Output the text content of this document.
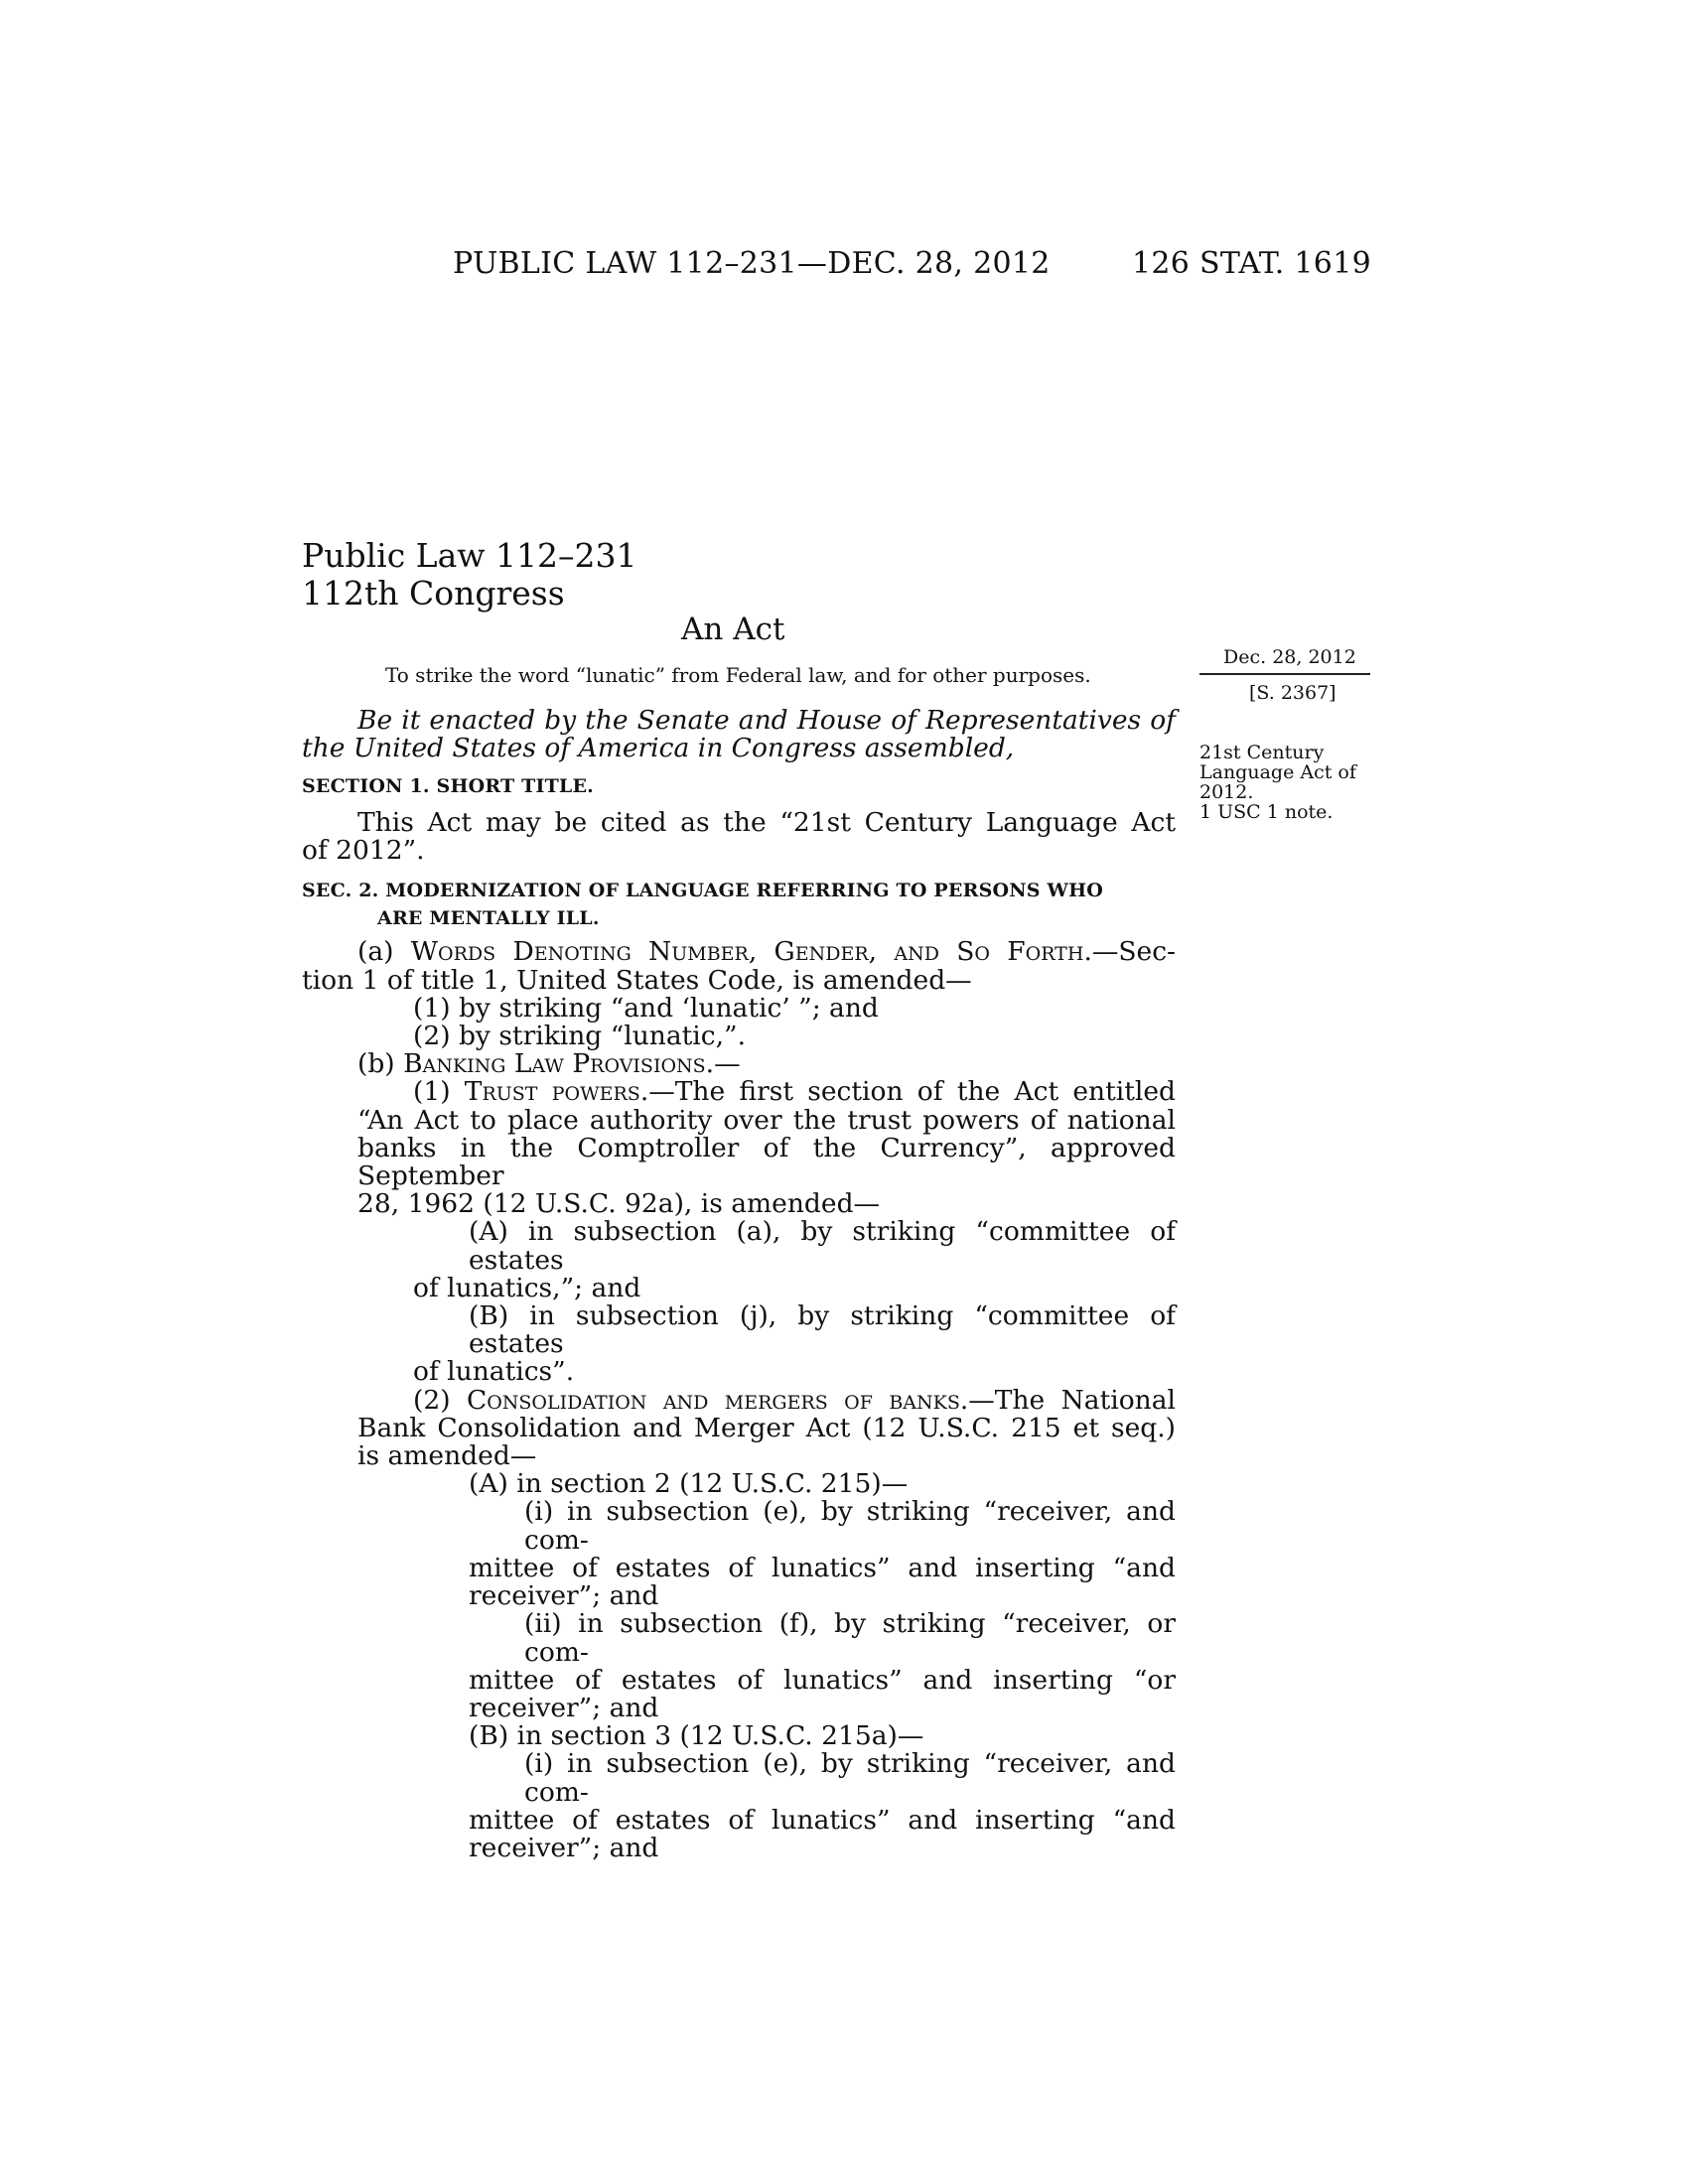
PUBLIC LAW 112–231—DEC. 28, 2012	126 STAT. 1619
Public Law 112–231
112th Congress
An Act
To strike the word “lunatic” from Federal law, and for other purposes.
Dec. 28, 2012
[S. 2367]
21st Century
Language Act of
2012.
1 USC 1 note.

Be it enacted by the Senate and House of Representatives of

the United States of America in Congress assembled,

SECTION 1. SHORT TITLE.

This Act may be cited as the “21st Century Language Act

of 2012”.

SEC. 2. MODERNIZATION OF LANGUAGE REFERRING TO PERSONS WHO

ARE MENTALLY ILL.

(a) Words Denoting Number, Gender, and So Forth.—Sec-

tion 1 of title 1, United States Code, is amended—

(1) by striking “and ‘lunatic’ ”; and

(2) by striking “lunatic,”.

(b) Banking Law Provisions.—

(1) Trust powers.—The first section of the Act entitled

“An Act to place authority over the trust powers of national

banks in the Comptroller of the Currency”, approved September

28, 1962 (12 U.S.C. 92a), is amended—

(A) in subsection (a), by striking “committee of estates

of lunatics,”; and

(B) in subsection (j), by striking “committee of estates

of lunatics”.

(2) Consolidation and mergers of banks.—The National

Bank Consolidation and Merger Act (12 U.S.C. 215 et seq.)

is amended—

(A) in section 2 (12 U.S.C. 215)—

(i) in subsection (e), by striking “receiver, and com-

mittee of estates of lunatics” and inserting “and

receiver”; and

(ii) in subsection (f), by striking “receiver, or com-

mittee of estates of lunatics” and inserting “or

receiver”; and

(B) in section 3 (12 U.S.C. 215a)—

(i) in subsection (e), by striking “receiver, and com-

mittee of estates of lunatics” and inserting “and

receiver”; and
